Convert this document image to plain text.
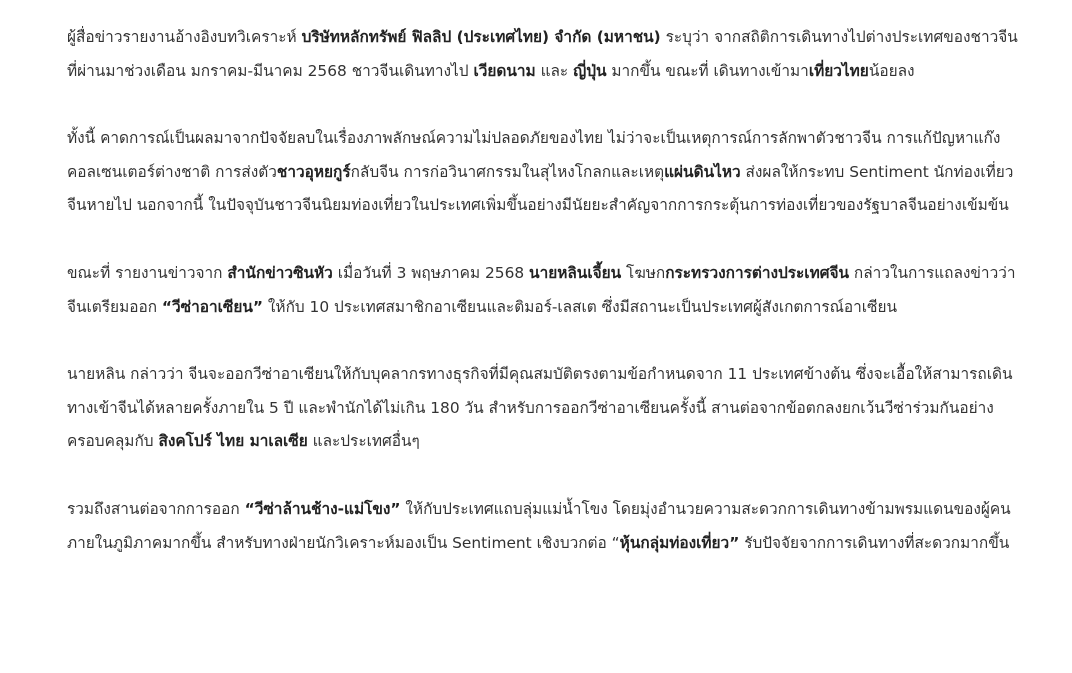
ผู้สื่อข่าวรายงานอ้างอิงบทวิเคราะห์ บริษัทหลักทรัพย์ ฟิลลิป (ประเทศไทย) จำกัด (มหาชน) ระบุว่า จากสถิติการเดินทางไปต่างประเทศของชาวจีนที่ผ่านมาช่วงเดือน มกราคม-มีนาคม 2568 ชาวจีนเดินทางไป เวียดนาม และ ญี่ปุ่น มากขึ้น ขณะที่ เดินทางเข้ามาเที่ยวไทยน้อยลง

ทั้งนี้ คาดการณ์เป็นผลมาจากปัจจัยลบในเรื่องภาพลักษณ์ความไม่ปลอดภัยของไทย ไม่ว่าจะเป็นเหตุการณ์การลักพาตัวชาวจีน การแก้ปัญหาแก๊งคอลเซนเตอร์ต่างชาติ การส่งตัวชาวอุหยกูร์กลับจีน การก่อวินาศกรรมในสุไหงโกลกและเหตุแผ่นดินไหว ส่งผลให้กระทบ Sentiment นักท่องเที่ยวจีนหายไป นอกจากนี้ ในปัจจุบันชาวจีนนิยมท่องเที่ยวในประเทศเพิ่มขึ้นอย่างมีนัยยะสำคัญจากการกระตุ้นการท่องเที่ยวของรัฐบาลจีนอย่างเข้มข้น

ขณะที่ รายงานข่าวจาก สำนักข่าวซินหัว เมื่อวันที่ 3 พฤษภาคม 2568 นายหลินเจี้ยน โฆษกกระทรวงการต่างประเทศจีน กล่าวในการแถลงข่าวว่า จีนเตรียมออก “วีซ่าอาเซียน” ให้กับ 10 ประเทศสมาชิกอาเซียนและติมอร์-เลสเต ซึ่งมีสถานะเป็นประเทศผู้สังเกตการณ์อาเซียน

นายหลิน กล่าวว่า จีนจะออกวีซ่าอาเซียนให้กับบุคลากรทางธุรกิจที่มีคุณสมบัติตรงตามข้อกำหนดจาก 11 ประเทศข้างต้น ซึ่งจะเอื้อให้สามารถเดินทางเข้าจีนได้หลายครั้งภายใน 5 ปี และพำนักได้ไม่เกิน 180 วัน สำหรับการออกวีซ่าอาเซียนครั้งนี้ สานต่อจากข้อตกลงยกเว้นวีซ่าร่วมกันอย่างครอบคลุมกับ สิงคโปร์ ไทย มาเลเซีย และประเทศอื่นๆ

รวมถึงสานต่อจากการออก “วีซ่าล้านช้าง-แม่โขง” ให้กับประเทศแถบลุ่มแม่น้ำโขง โดยมุ่งอำนวยความสะดวกการเดินทางข้ามพรมแดนของผู้คนภายในภูมิภาคมากขึ้น สำหรับทางฝ่ายนักวิเคราะห์มองเป็น Sentiment เชิงบวกต่อ “หุ้นกลุ่มท่องเที่ยว” รับปัจจัยจากการเดินทางที่สะดวกมากขึ้น
